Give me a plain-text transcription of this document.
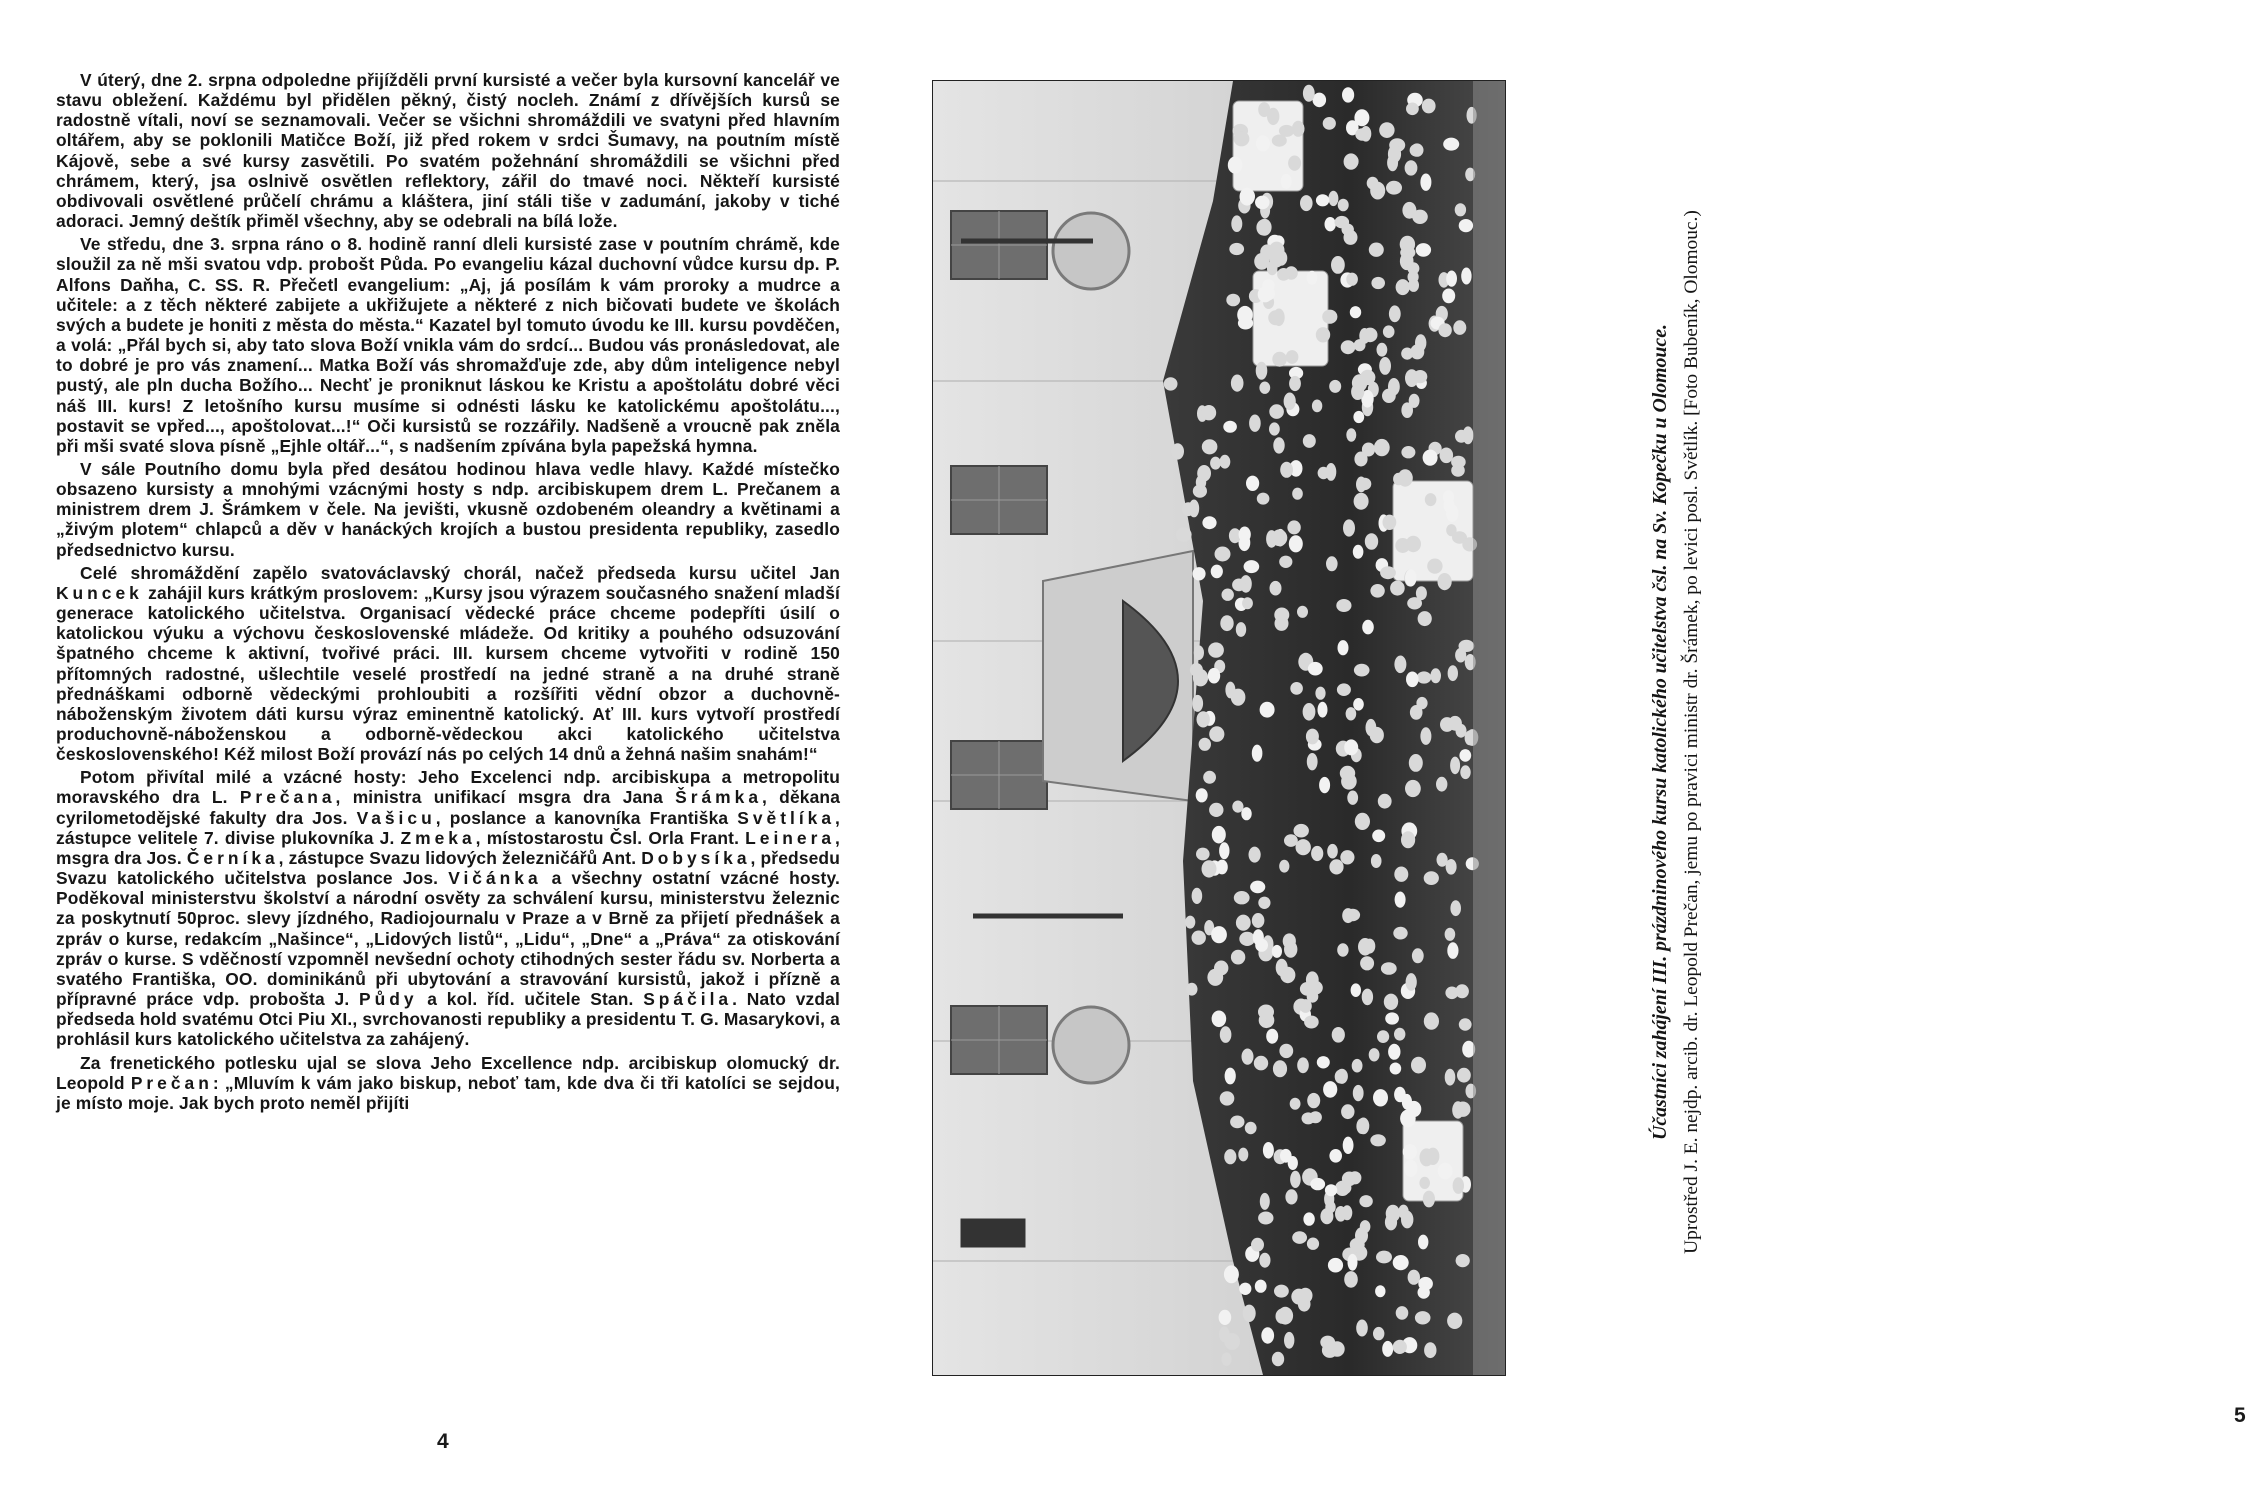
V úterý, dne 2. srpna odpoledne přijížděli první kursisté a večer byla kursovní kancelář ve stavu obležení. Každému byl přidělen pěkný, čistý nocleh. Známí z dřívějších kursů se radostně vítali, noví se seznamovali. Večer se všichni shromáždili ve svatyni před hlavním oltářem, aby se poklonili Matičce Boží, již před rokem v srdci Šumavy, na poutním místě Kájově, sebe a své kursy zasvětili. Po svatém požehnání shromáždili se všichni před chrámem, který, jsa oslnivě osvětlen reflektory, zářil do tmavé noci. Někteří kursisté obdivovali osvětlené průčelí chrámu a kláštera, jiní stáli tiše v zadumání, jakoby v tiché adoraci. Jemný deštík přiměl všechny, aby se odebrali na bílá lože.

Ve středu, dne 3. srpna ráno o 8. hodině ranní dleli kursisté zase v poutním chrámě, kde sloužil za ně mši svatou vdp. probošt Půda. Po evangeliu kázal duchovní vůdce kursu dp. P. Alfons Daňha, C. SS. R. Přečetl evangelium: „Aj, já posílám k vám proroky a mudrce a učitele: a z těch některé zabijete a ukřižujete a některé z nich bičovati budete ve školách svých a budete je honiti z města do města.“ Kazatel byl tomuto úvodu ke III. kursu povděčen, a volá: „Přál bych si, aby tato slova Boží vnikla vám do srdcí... Budou vás pronásledovat, ale to dobré je pro vás znamení... Matka Boží vás shromažďuje zde, aby dům inteligence nebyl pustý, ale pln ducha Božího... Nechť je proniknut láskou ke Kristu a apoštolátu dobré věci náš III. kurs! Z letošního kursu musíme si odnésti lásku ke katolickému apoštolátu..., postavit se vpřed..., apoštolovat...!“ Oči kursistů se rozzářily. Nadšeně a vroucně pak zněla při mši svaté slova písně „Ejhle oltář...“, s nadšením zpívána byla papežská hymna.

V sále Poutního domu byla před desátou hodinou hlava vedle hlavy. Každé místečko obsazeno kursisty a mnohými vzácnými hosty s ndp. arcibiskupem drem L. Prečanem a ministrem drem J. Šrámkem v čele. Na jevišti, vkusně ozdobeném oleandry a květinami a „živým plotem“ chlapců a děv v hanáckých krojích a bustou presidenta republiky, zasedlo předsednictvo kursu.

Celé shromáždění zapělo svatováclavský chorál, načež předseda kursu učitel Jan Kuncek zahájil kurs krátkým proslovem: „Kursy jsou výrazem současného snažení mladší generace katolického učitelstva. Organisací vědecké práce chceme podepříti úsilí o katolickou výuku a výchovu československé mládeže. Od kritiky a pouhého odsuzování špatného chceme k aktivní, tvořivé práci. III. kursem chceme vytvořiti v rodině 150 přítomných radostné, ušlechtile veselé prostředí na jedné straně a na druhé straně přednáškami odborně vědeckými prohloubiti a rozšířiti vědní obzor a duchovně-náboženským životem dáti kursu výraz eminentně katolický. Ať III. kurs vytvoří prostředí produchovně-náboženskou a odborně-vědeckou akci katolického učitelstva československého! Kéž milost Boží provází nás po celých 14 dnů a žehná našim snahám!“

Potom přivítal milé a vzácné hosty: Jeho Excelenci ndp. arcibiskupa a metropolitu moravského dra L. Prečana, ministra unifikací msgra dra Jana Šrámka, děkana cyrilometodějské fakulty dra Jos. Vašicu, poslance a kanovníka Františka Světlíka, zástupce velitele 7. divise plukovníka J. Zmeka, místostarostu Čsl. Orla Frant. Leinera, msgra dra Jos. Černíka, zástupce Svazu lidových železničářů Ant. Dobysíka, předsedu Svazu katolického učitelstva poslance Jos. Vičánka a všechny ostatní vzácné hosty. Poděkoval ministerstvu školství a národní osvěty za schválení kursu, ministerstvu železnic za poskytnutí 50proc. slevy jízdného, Radiojournalu v Praze a v Brně za přijetí přednášek a zpráv o kurse, redakcím „Našince“, „Lidových listů“, „Lidu“, „Dne“ a „Práva“ za otiskování zpráv o kurse. S vděčností vzpomněl nevšední ochoty ctihodných sester řádu sv. Norberta a svatého Františka, OO. dominikánů při ubytování a stravování kursistů, jakož i přízně a přípravné práce vdp. probošta J. Půdy a kol. říd. učitele Stan. Spáčila. Nato vzdal předseda hold svatému Otci Piu XI., svrchovanosti republiky a presidentu T. G. Masarykovi, a prohlásil kurs katolického učitelstva za zahájený.

Za frenetického potlesku ujal se slova Jeho Excellence ndp. arcibiskup olomucký dr. Leopold Prečan: „Mluvím k vám jako biskup, neboť tam, kde dva či tři katolíci se sejdou, je místo moje. Jak bych proto neměl přijíti

4
5
Účastníci zahájení III. prázdninového kursu katolického učitelstva čsl. na Sv. Kopečku u Olomouce. Uprostřed J. E. nejdp. arcib. dr. Leopold Prečan, jemu po pravici ministr dr. Šrámek, po levici posl. Světlík. [Foto Bubeník, Olomouc.)
